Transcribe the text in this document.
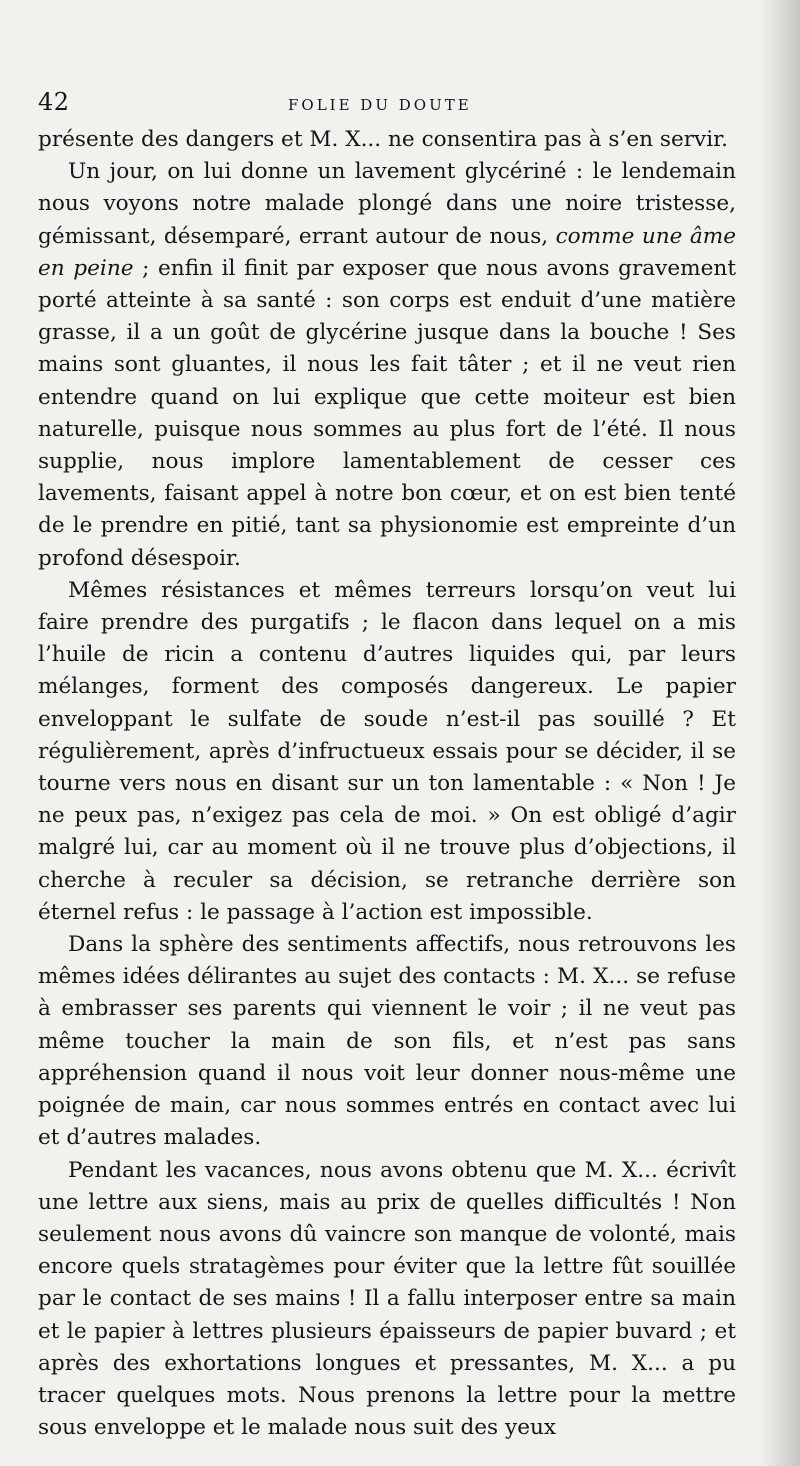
42	FOLIE DU DOUTE

présente des dangers et M. X... ne consentira pas à s’en servir.

Un jour, on lui donne un lavement glycériné : le lendemain nous voyons notre malade plongé dans une noire tristesse, gémissant, désemparé, errant autour de nous, comme une âme en peine ; enfin il finit par exposer que nous avons gravement porté atteinte à sa santé : son corps est enduit d’une matière grasse, il a un goût de glycérine jusque dans la bouche ! Ses mains sont gluantes, il nous les fait tâter ; et il ne veut rien entendre quand on lui explique que cette moiteur est bien naturelle, puisque nous sommes au plus fort de l’été. Il nous supplie, nous implore lamentablement de cesser ces lavements, faisant appel à notre bon cœur, et on est bien tenté de le prendre en pitié, tant sa physionomie est empreinte d’un profond désespoir.

Mêmes résistances et mêmes terreurs lorsqu’on veut lui faire prendre des purgatifs ; le flacon dans lequel on a mis l’huile de ricin a contenu d’autres liquides qui, par leurs mélanges, forment des composés dangereux. Le papier enveloppant le sulfate de soude n’est-il pas souillé ? Et régulièrement, après d’infructueux essais pour se décider, il se tourne vers nous en disant sur un ton lamentable : « Non ! Je ne peux pas, n’exigez pas cela de moi. » On est obligé d’agir malgré lui, car au moment où il ne trouve plus d’objections, il cherche à reculer sa décision, se retranche derrière son éternel refus : le passage à l’action est impossible.

Dans la sphère des sentiments affectifs, nous retrouvons les mêmes idées délirantes au sujet des contacts : M. X... se refuse à embrasser ses parents qui viennent le voir ; il ne veut pas même toucher la main de son fils, et n’est pas sans appréhension quand il nous voit leur donner nous-même une poignée de main, car nous sommes entrés en contact avec lui et d’autres malades.

Pendant les vacances, nous avons obtenu que M. X... écrivît une lettre aux siens, mais au prix de quelles difficultés ! Non seulement nous avons dû vaincre son manque de volonté, mais encore quels stratagèmes pour éviter que la lettre fût souillée par le contact de ses mains ! Il a fallu interposer entre sa main et le papier à lettres plusieurs épaisseurs de papier buvard ; et après des exhortations longues et pressantes, M. X... a pu tracer quelques mots. Nous prenons la lettre pour la mettre sous enveloppe et le malade nous suit des yeux
